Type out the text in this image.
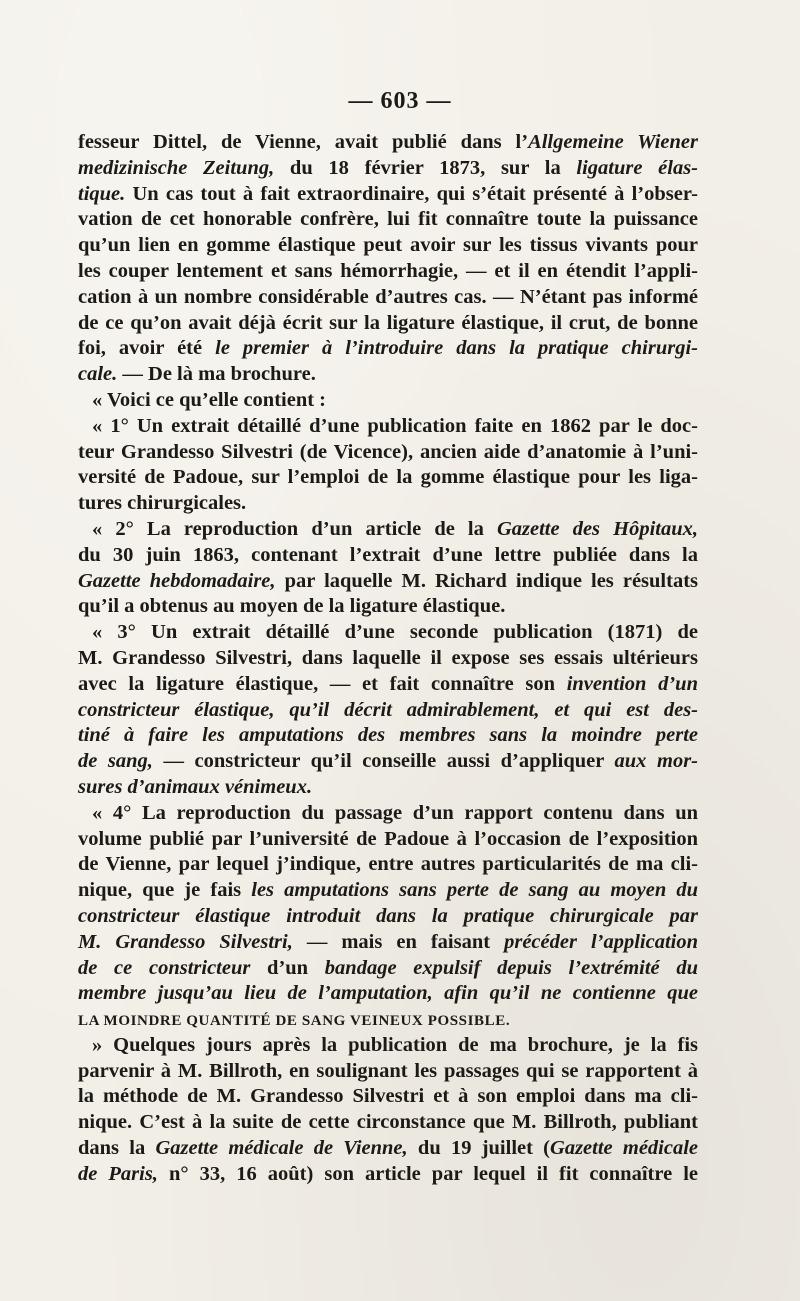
— 603 —
fesseur Dittel, de Vienne, avait publié dans l’Allgemeine Wiener
medizinische Zeitung, du 18 février 1873, sur la ligature élas-
tique. Un cas tout à fait extraordinaire, qui s’était présenté à l’obser-
vation de cet honorable confrère, lui fit connaître toute la puissance
qu’un lien en gomme élastique peut avoir sur les tissus vivants pour
les couper lentement et sans hémorrhagie, — et il en étendit l’appli-
cation à un nombre considérable d’autres cas. — N’étant pas informé
de ce qu’on avait déjà écrit sur la ligature élastique, il crut, de bonne
foi, avoir été le premier à l’introduire dans la pratique chirurgi-
cale. — De là ma brochure.
« Voici ce qu’elle contient :
« 1° Un extrait détaillé d’une publication faite en 1862 par le doc-
teur Grandesso Silvestri (de Vicence), ancien aide d’anatomie à l’uni-
versité de Padoue, sur l’emploi de la gomme élastique pour les liga-
tures chirurgicales.
« 2° La reproduction d’un article de la Gazette des Hôpitaux,
du 30 juin 1863, contenant l’extrait d’une lettre publiée dans la
Gazette hebdomadaire, par laquelle M. Richard indique les résultats
qu’il a obtenus au moyen de la ligature élastique.
« 3° Un extrait détaillé d’une seconde publication (1871) de
M. Grandesso Silvestri, dans laquelle il expose ses essais ultérieurs
avec la ligature élastique, — et fait connaître son invention d’un
constricteur élastique, qu’il décrit admirablement, et qui est des-
tiné à faire les amputations des membres sans la moindre perte
de sang, — constricteur qu’il conseille aussi d’appliquer aux mor-
sures d’animaux vénimeux.
« 4° La reproduction du passage d’un rapport contenu dans un
volume publié par l’université de Padoue à l’occasion de l’exposition
de Vienne, par lequel j’indique, entre autres particularités de ma cli-
nique, que je fais les amputations sans perte de sang au moyen du
constricteur élastique introduit dans la pratique chirurgicale par
M. Grandesso Silvestri, — mais en faisant précéder l’application
de ce constricteur d’un bandage expulsif depuis l’extrémité du
membre jusqu’au lieu de l’amputation, afin qu’il ne contienne que
LA MOINDRE QUANTITÉ DE SANG VEINEUX POSSIBLE.
» Quelques jours après la publication de ma brochure, je la fis
parvenir à M. Billroth, en soulignant les passages qui se rapportent à
la méthode de M. Grandesso Silvestri et à son emploi dans ma cli-
nique. C’est à la suite de cette circonstance que M. Billroth, publiant
dans la Gazette médicale de Vienne, du 19 juillet (Gazette médicale
de Paris, n° 33, 16 août) son article par lequel il fit connaître le
